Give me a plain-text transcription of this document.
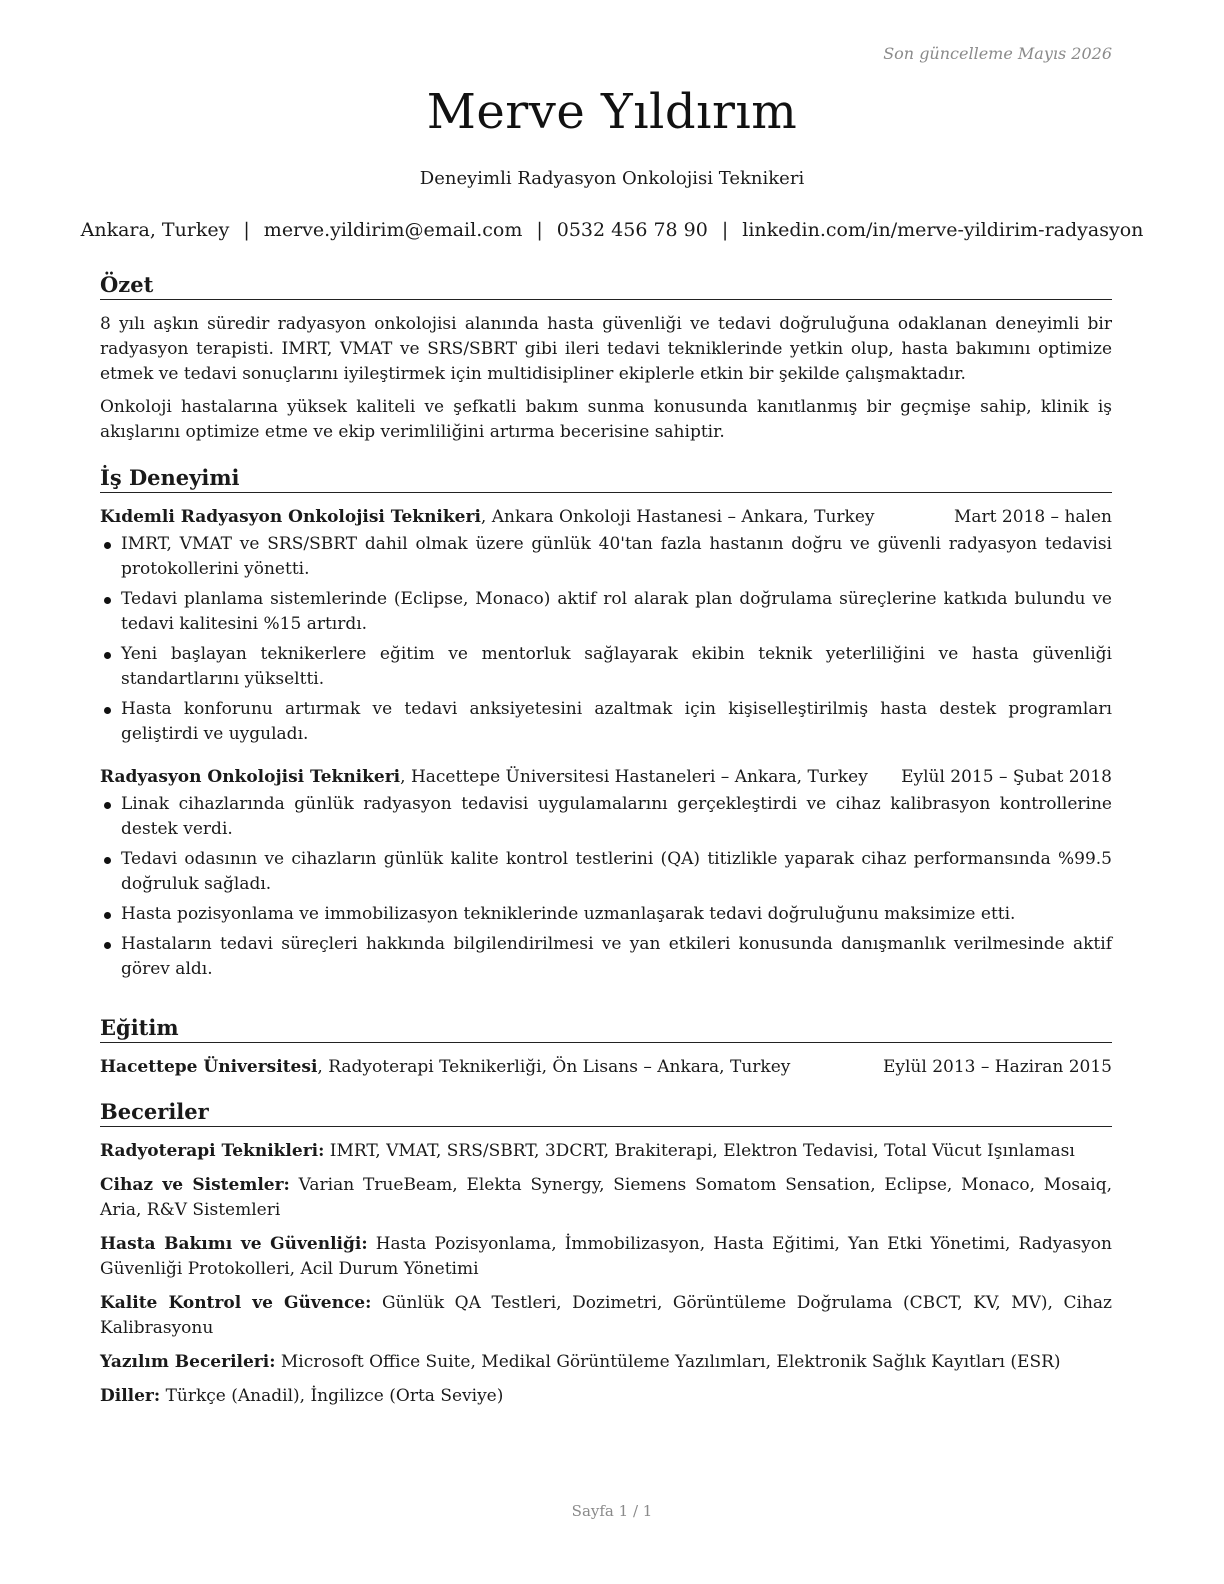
Son güncelleme Mayıs 2026
Merve Yıldırım
Deneyimli Radyasyon Onkolojisi Teknikeri
Ankara, Turkey | merve.yildirim@email.com | 0532 456 78 90 | linkedin.com/in/merve-yildirim-radyasyon
Özet

8 yılı aşkın süredir radyasyon onkolojisi alanında hasta güvenliği ve tedavi doğruluğuna odaklanan deneyimli bir radyasyon terapisti. IMRT, VMAT ve SRS/SBRT gibi ileri tedavi tekniklerinde yetkin olup, hasta bakımını optimize etmek ve tedavi sonuçlarını iyileştirmek için multidisipliner ekiplerle etkin bir şekilde çalışmaktadır.

Onkoloji hastalarına yüksek kaliteli ve şefkatli bakım sunma konusunda kanıtlanmış bir geçmişe sahip, klinik iş akışlarını optimize etme ve ekip verimliliğini artırma becerisine sahiptir.

İş Deneyimi
Kıdemli Radyasyon Onkolojisi Teknikeri, Ankara Onkoloji Hastanesi – Ankara, Turkey	Mart 2018 – halen
IMRT, VMAT ve SRS/SBRT dahil olmak üzere günlük 40'tan fazla hastanın doğru ve güvenli radyasyon tedavisi protokollerini yönetti.
Tedavi planlama sistemlerinde (Eclipse, Monaco) aktif rol alarak plan doğrulama süreçlerine katkıda bulundu ve tedavi kalitesini %15 artırdı.
Yeni başlayan teknikerlere eğitim ve mentorluk sağlayarak ekibin teknik yeterliliğini ve hasta güvenliği standartlarını yükseltti.
Hasta konforunu artırmak ve tedavi anksiyetesini azaltmak için kişiselleştirilmiş hasta destek programları geliştirdi ve uyguladı.
Radyasyon Onkolojisi Teknikeri, Hacettepe Üniversitesi Hastaneleri – Ankara, Turkey Eylül 2015 – Şubat 2018
Linak cihazlarında günlük radyasyon tedavisi uygulamalarını gerçekleştirdi ve cihaz kalibrasyon kontrollerine destek verdi.
Tedavi odasının ve cihazların günlük kalite kontrol testlerini (QA) titizlikle yaparak cihaz performansında %99.5 doğruluk sağladı.
Hasta pozisyonlama ve immobilizasyon tekniklerinde uzmanlaşarak tedavi doğruluğunu maksimize etti.
Hastaların tedavi süreçleri hakkında bilgilendirilmesi ve yan etkileri konusunda danışmanlık verilmesinde aktif görev aldı.
Eğitim
Hacettepe Üniversitesi, Radyoterapi Teknikerliği, Ön Lisans – Ankara, Turkey	Eylül 2013 – Haziran 2015
Beceriler
Radyoterapi Teknikleri: IMRT, VMAT, SRS/SBRT, 3DCRT, Brakiterapi, Elektron Tedavisi, Total Vücut Işınlaması
Cihaz ve Sistemler: Varian TrueBeam, Elekta Synergy, Siemens Somatom Sensation, Eclipse, Monaco, Mosaiq, Aria, R&V Sistemleri
Hasta Bakımı ve Güvenliği: Hasta Pozisyonlama, İmmobilizasyon, Hasta Eğitimi, Yan Etki Yönetimi, Radyasyon Güvenliği Protokolleri, Acil Durum Yönetimi
Kalite Kontrol ve Güvence: Günlük QA Testleri, Dozimetri, Görüntüleme Doğrulama (CBCT, KV, MV), Cihaz Kalibrasyonu
Yazılım Becerileri: Microsoft Office Suite, Medikal Görüntüleme Yazılımları, Elektronik Sağlık Kayıtları (ESR)
Diller: Türkçe (Anadil), İngilizce (Orta Seviye)
Sayfa 1 / 1
